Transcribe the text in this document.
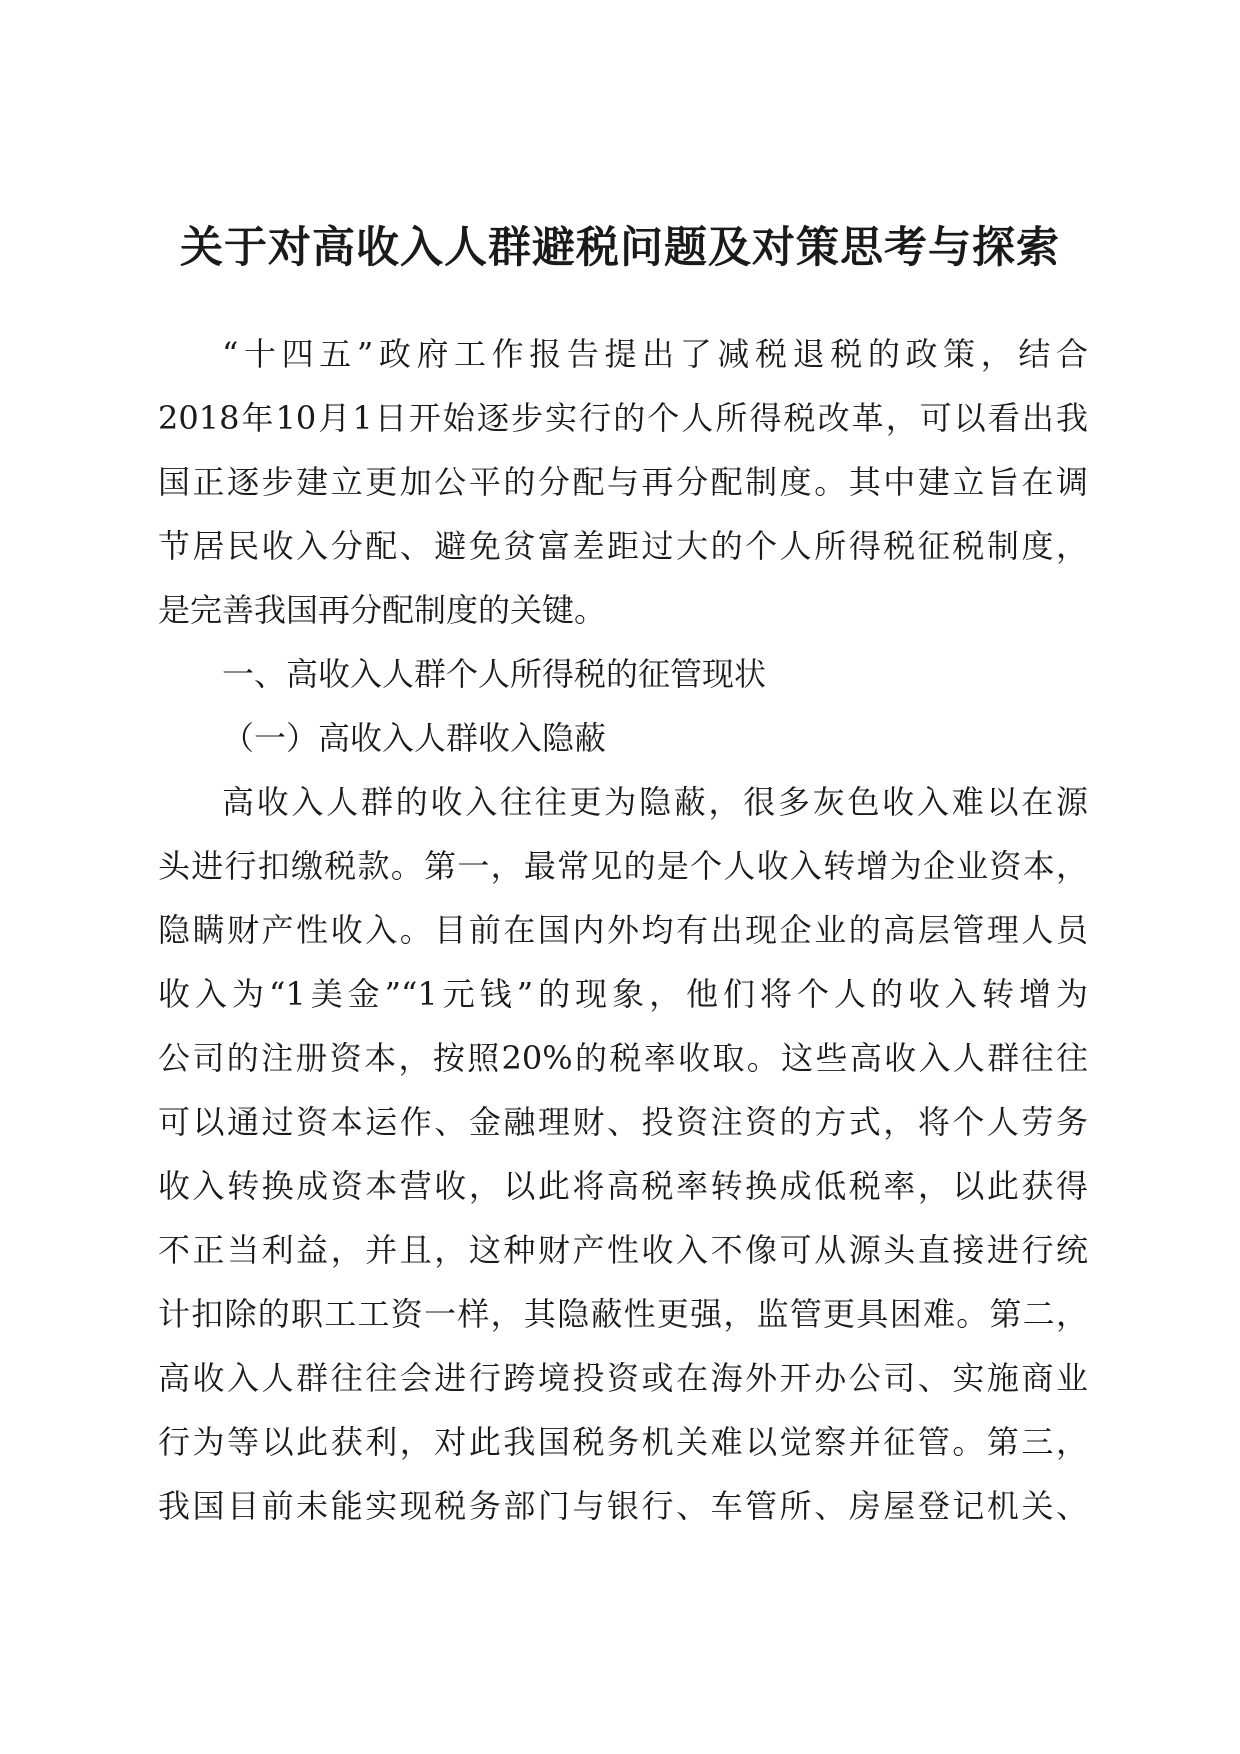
关于对高收入人群避税问题及对策思考与探索
“十四五”政府工作报告提出了减税退税的政策，结合
2018年10月1日开始逐步实行的个人所得税改革，可以看出我
国正逐步建立更加公平的分配与再分配制度。其中建立旨在调
节居民收入分配、避免贫富差距过大的个人所得税征税制度，
是完善我国再分配制度的关键。
一、高收入人群个人所得税的征管现状
（一）高收入人群收入隐蔽
高收入人群的收入往往更为隐蔽，很多灰色收入难以在源
头进行扣缴税款。第一，最常见的是个人收入转增为企业资本，
隐瞒财产性收入。目前在国内外均有出现企业的高层管理人员
收入为“1美金”“1元钱”的现象，他们将个人的收入转增为
公司的注册资本，按照20%的税率收取。这些高收入人群往往
可以通过资本运作、金融理财、投资注资的方式，将个人劳务
收入转换成资本营收，以此将高税率转换成低税率，以此获得
不正当利益，并且，这种财产性收入不像可从源头直接进行统
计扣除的职工工资一样，其隐蔽性更强，监管更具困难。第二，
高收入人群往往会进行跨境投资或在海外开办公司、实施商业
行为等以此获利，对此我国税务机关难以觉察并征管。第三，
我国目前未能实现税务部门与银行、车管所、房屋登记机关、
